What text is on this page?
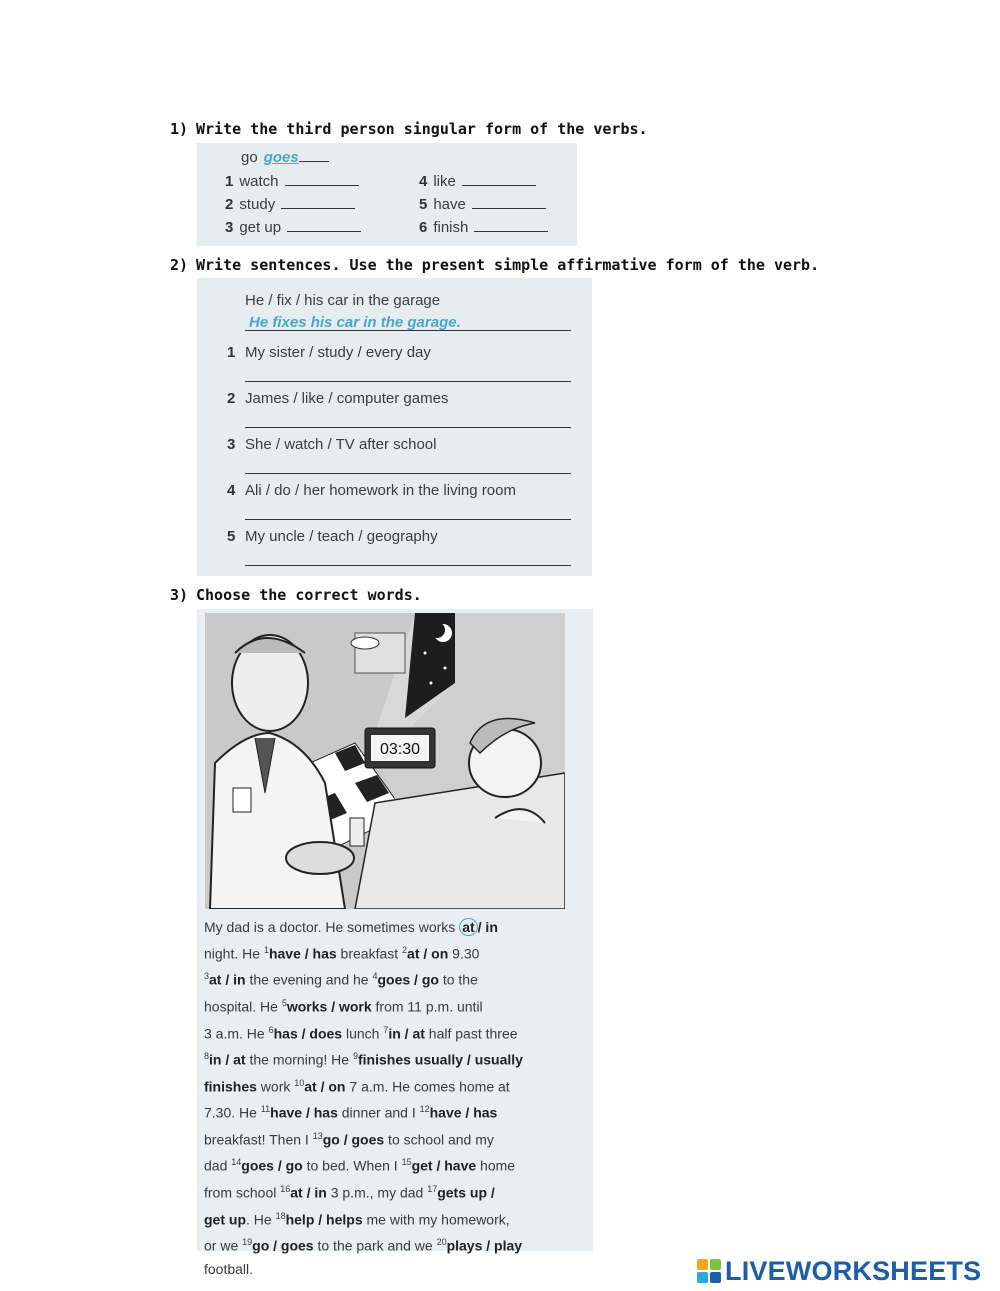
1) Write the third person singular form of the verbs.
2) Write sentences. Use the present simple affirmative form of the verb.
3) Choose the correct words.
go goes
1 watch
2 study
3 get up
4 like
5 have
6 finish
He / fix / his car in the garage
He fixes his car in the garage.
1 My sister / study / every day
2 James / like / computer games
3 She / watch / TV after school
4 Ali / do / her homework in the living room
5 My uncle / teach / geography
03:30
My dad is a doctor. He sometimes works at / in
night. He $^1$have / has breakfast $^2$at / on 9.30
$^3$at / in the evening and he $^4$goes / go to the
hospital. He $^5$works / work from 11 p.m. until
3 a.m. He $^6$has / does lunch $^7$in / at half past three
$^8$in / at the morning! He $^9$finishes usually / usually
finishes work $^{10}$at / on 7 a.m. He comes home at
7.30. He $^{11}$have / has dinner and I $^{12}$have / has
breakfast! Then I $^{13}$go / goes to school and my
dad $^{14}$goes / go to bed. When I $^{15}$get / have home
from school $^{16}$at / in 3 p.m., my dad $^{17}$gets up /
get up. He $^{18}$help / helps me with my homework,
or we $^{19}$go / goes to the park and we $^{20}$plays / play
football.	LIVEWORKSHEETS
